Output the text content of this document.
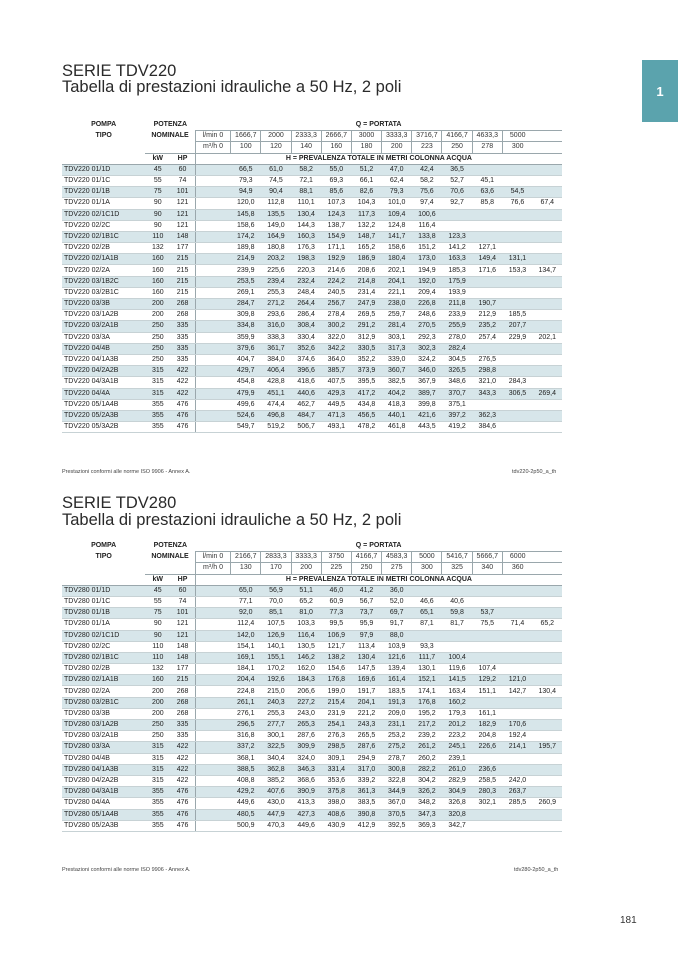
1
SERIE TDV220
Tabella di prestazioni idrauliche a 50 Hz, 2 poli
POMPA	POTENZA		Q = PORTATA											
TIPO	NOMINALE		l/min 0	1666,7	2000	2333,3	2666,7	3000	3333,3	3716,7	4166,7	4633,3	5000	
			$m^3/h$ 0	100	120	140	160	180	200	223	250	278	300	
	kW	HP	H = PREVALENZA TOTALE IN METRI COLONNA ACQUA											
TDV220 01/1D	45	60		66,5	61,0	58,2	55,0	51,2	47,0	42,4	36,5			
TDV220 01/1C	55	74		79,3	74,5	72,1	69,3	66,1	62,4	58,2	52,7	45,1		
TDV220 01/1B	75	101		94,9	90,4	88,1	85,6	82,6	79,3	75,6	70,6	63,6	54,5	
TDV220 01/1A	90	121		120,0	112,8	110,1	107,3	104,3	101,0	97,4	92,7	85,8	76,6	67,4
TDV220 02/1C1D	90	121		145,8	135,5	130,4	124,3	117,3	109,4	100,6				
TDV220 02/2C	90	121		158,6	149,0	144,3	138,7	132,2	124,8	116,4				
TDV220 02/1B1C	110	148		174,2	164,9	160,3	154,9	148,7	141,7	133,8	123,3			
TDV220 02/2B	132	177		189,8	180,8	176,3	171,1	165,2	158,6	151,2	141,2	127,1		
TDV220 02/1A1B	160	215		214,9	203,2	198,3	192,9	186,9	180,4	173,0	163,3	149,4	131,1	
TDV220 02/2A	160	215		239,9	225,6	220,3	214,6	208,6	202,1	194,9	185,3	171,6	153,3	134,7
TDV220 03/1B2C	160	215		253,5	239,4	232,4	224,2	214,8	204,1	192,0	175,9			
TDV220 03/2B1C	160	215		269,1	255,3	248,4	240,5	231,4	221,1	209,4	193,9			
TDV220 03/3B	200	268		284,7	271,2	264,4	256,7	247,9	238,0	226,8	211,8	190,7		
TDV220 03/1A2B	200	268		309,8	293,6	286,4	278,4	269,5	259,7	248,6	233,9	212,9	185,5	
TDV220 03/2A1B	250	335		334,8	316,0	308,4	300,2	291,2	281,4	270,5	255,9	235,2	207,7	
TDV220 03/3A	250	335		359,9	338,3	330,4	322,0	312,9	303,1	292,3	278,0	257,4	229,9	202,1
TDV220 04/4B	250	335		379,6	361,7	352,6	342,2	330,5	317,3	302,3	282,4			
TDV220 04/1A3B	250	335		404,7	384,0	374,6	364,0	352,2	339,0	324,2	304,5	276,5		
TDV220 04/2A2B	315	422		429,7	406,4	396,6	385,7	373,9	360,7	346,0	326,5	298,8		
TDV220 04/3A1B	315	422		454,8	428,8	418,6	407,5	395,5	382,5	367,9	348,6	321,0	284,3	
TDV220 04/4A	315	422		479,9	451,1	440,6	429,3	417,2	404,2	389,7	370,7	343,3	306,5	269,4
TDV220 05/1A4B	355	476		499,6	474,4	462,7	449,5	434,8	418,3	399,8	375,1			
TDV220 05/2A3B	355	476		524,6	496,8	484,7	471,3	456,5	440,1	421,6	397,2	362,3		
TDV220 05/3A2B	355	476		549,7	519,2	506,7	493,1	478,2	461,8	443,5	419,2	384,6		
Prestazioni conformi alle norme ISO 9906 - Annex A.	tdv220-2p50_a_th
SERIE TDV280
Tabella di prestazioni idrauliche a 50 Hz, 2 poli
POMPA	POTENZA		Q = PORTATA											
TIPO	NOMINALE		l/min 0	2166,7	2833,3	3333,3	3750	4166,7	4583,3	5000	5416,7	5666,7	6000	
			$m^3/h$ 0	130	170	200	225	250	275	300	325	340	360	
	kW	HP	H = PREVALENZA TOTALE IN METRI COLONNA ACQUA											
TDV280 01/1D	45	60		65,0	56,9	51,1	46,0	41,2	36,0					
TDV280 01/1C	55	74		77,1	70,0	65,2	60,9	56,7	52,0	46,6	40,6			
TDV280 01/1B	75	101		92,0	85,1	81,0	77,3	73,7	69,7	65,1	59,8	53,7		
TDV280 01/1A	90	121		112,4	107,5	103,3	99,5	95,9	91,7	87,1	81,7	75,5	71,4	65,2
TDV280 02/1C1D	90	121		142,0	126,9	116,4	106,9	97,9	88,0					
TDV280 02/2C	110	148		154,1	140,1	130,5	121,7	113,4	103,9	93,3				
TDV280 02/1B1C	110	148		169,1	155,1	146,2	138,2	130,4	121,6	111,7	100,4			
TDV280 02/2B	132	177		184,1	170,2	162,0	154,6	147,5	139,4	130,1	119,6	107,4		
TDV280 02/1A1B	160	215		204,4	192,6	184,3	176,8	169,6	161,4	152,1	141,5	129,2	121,0	
TDV280 02/2A	200	268		224,8	215,0	206,6	199,0	191,7	183,5	174,1	163,4	151,1	142,7	130,4
TDV280 03/2B1C	200	268		261,1	240,3	227,2	215,4	204,1	191,3	176,8	160,2			
TDV280 03/3B	200	268		276,1	255,3	243,0	231,9	221,2	209,0	195,2	179,3	161,1		
TDV280 03/1A2B	250	335		296,5	277,7	265,3	254,1	243,3	231,1	217,2	201,2	182,9	170,6	
TDV280 03/2A1B	250	335		316,8	300,1	287,6	276,3	265,5	253,2	239,2	223,2	204,8	192,4	
TDV280 03/3A	315	422		337,2	322,5	309,9	298,5	287,6	275,2	261,2	245,1	226,6	214,1	195,7
TDV280 04/4B	315	422		368,1	340,4	324,0	309,1	294,9	278,7	260,2	239,1			
TDV280 04/1A3B	315	422		388,5	362,8	346,3	331,4	317,0	300,8	282,2	261,0	236,6		
TDV280 04/2A2B	315	422		408,8	385,2	368,6	353,6	339,2	322,8	304,2	282,9	258,5	242,0	
TDV280 04/3A1B	355	476		429,2	407,6	390,9	375,8	361,3	344,9	326,2	304,9	280,3	263,7	
TDV280 04/4A	355	476		449,6	430,0	413,3	398,0	383,5	367,0	348,2	326,8	302,1	285,5	260,9
TDV280 05/1A4B	355	476		480,5	447,9	427,3	408,6	390,8	370,5	347,3	320,8			
TDV280 05/2A3B	355	476		500,9	470,3	449,6	430,9	412,9	392,5	369,3	342,7			
Prestazioni conformi alle norme ISO 9906 - Annex A.	tdv280-2p50_a_th
181
